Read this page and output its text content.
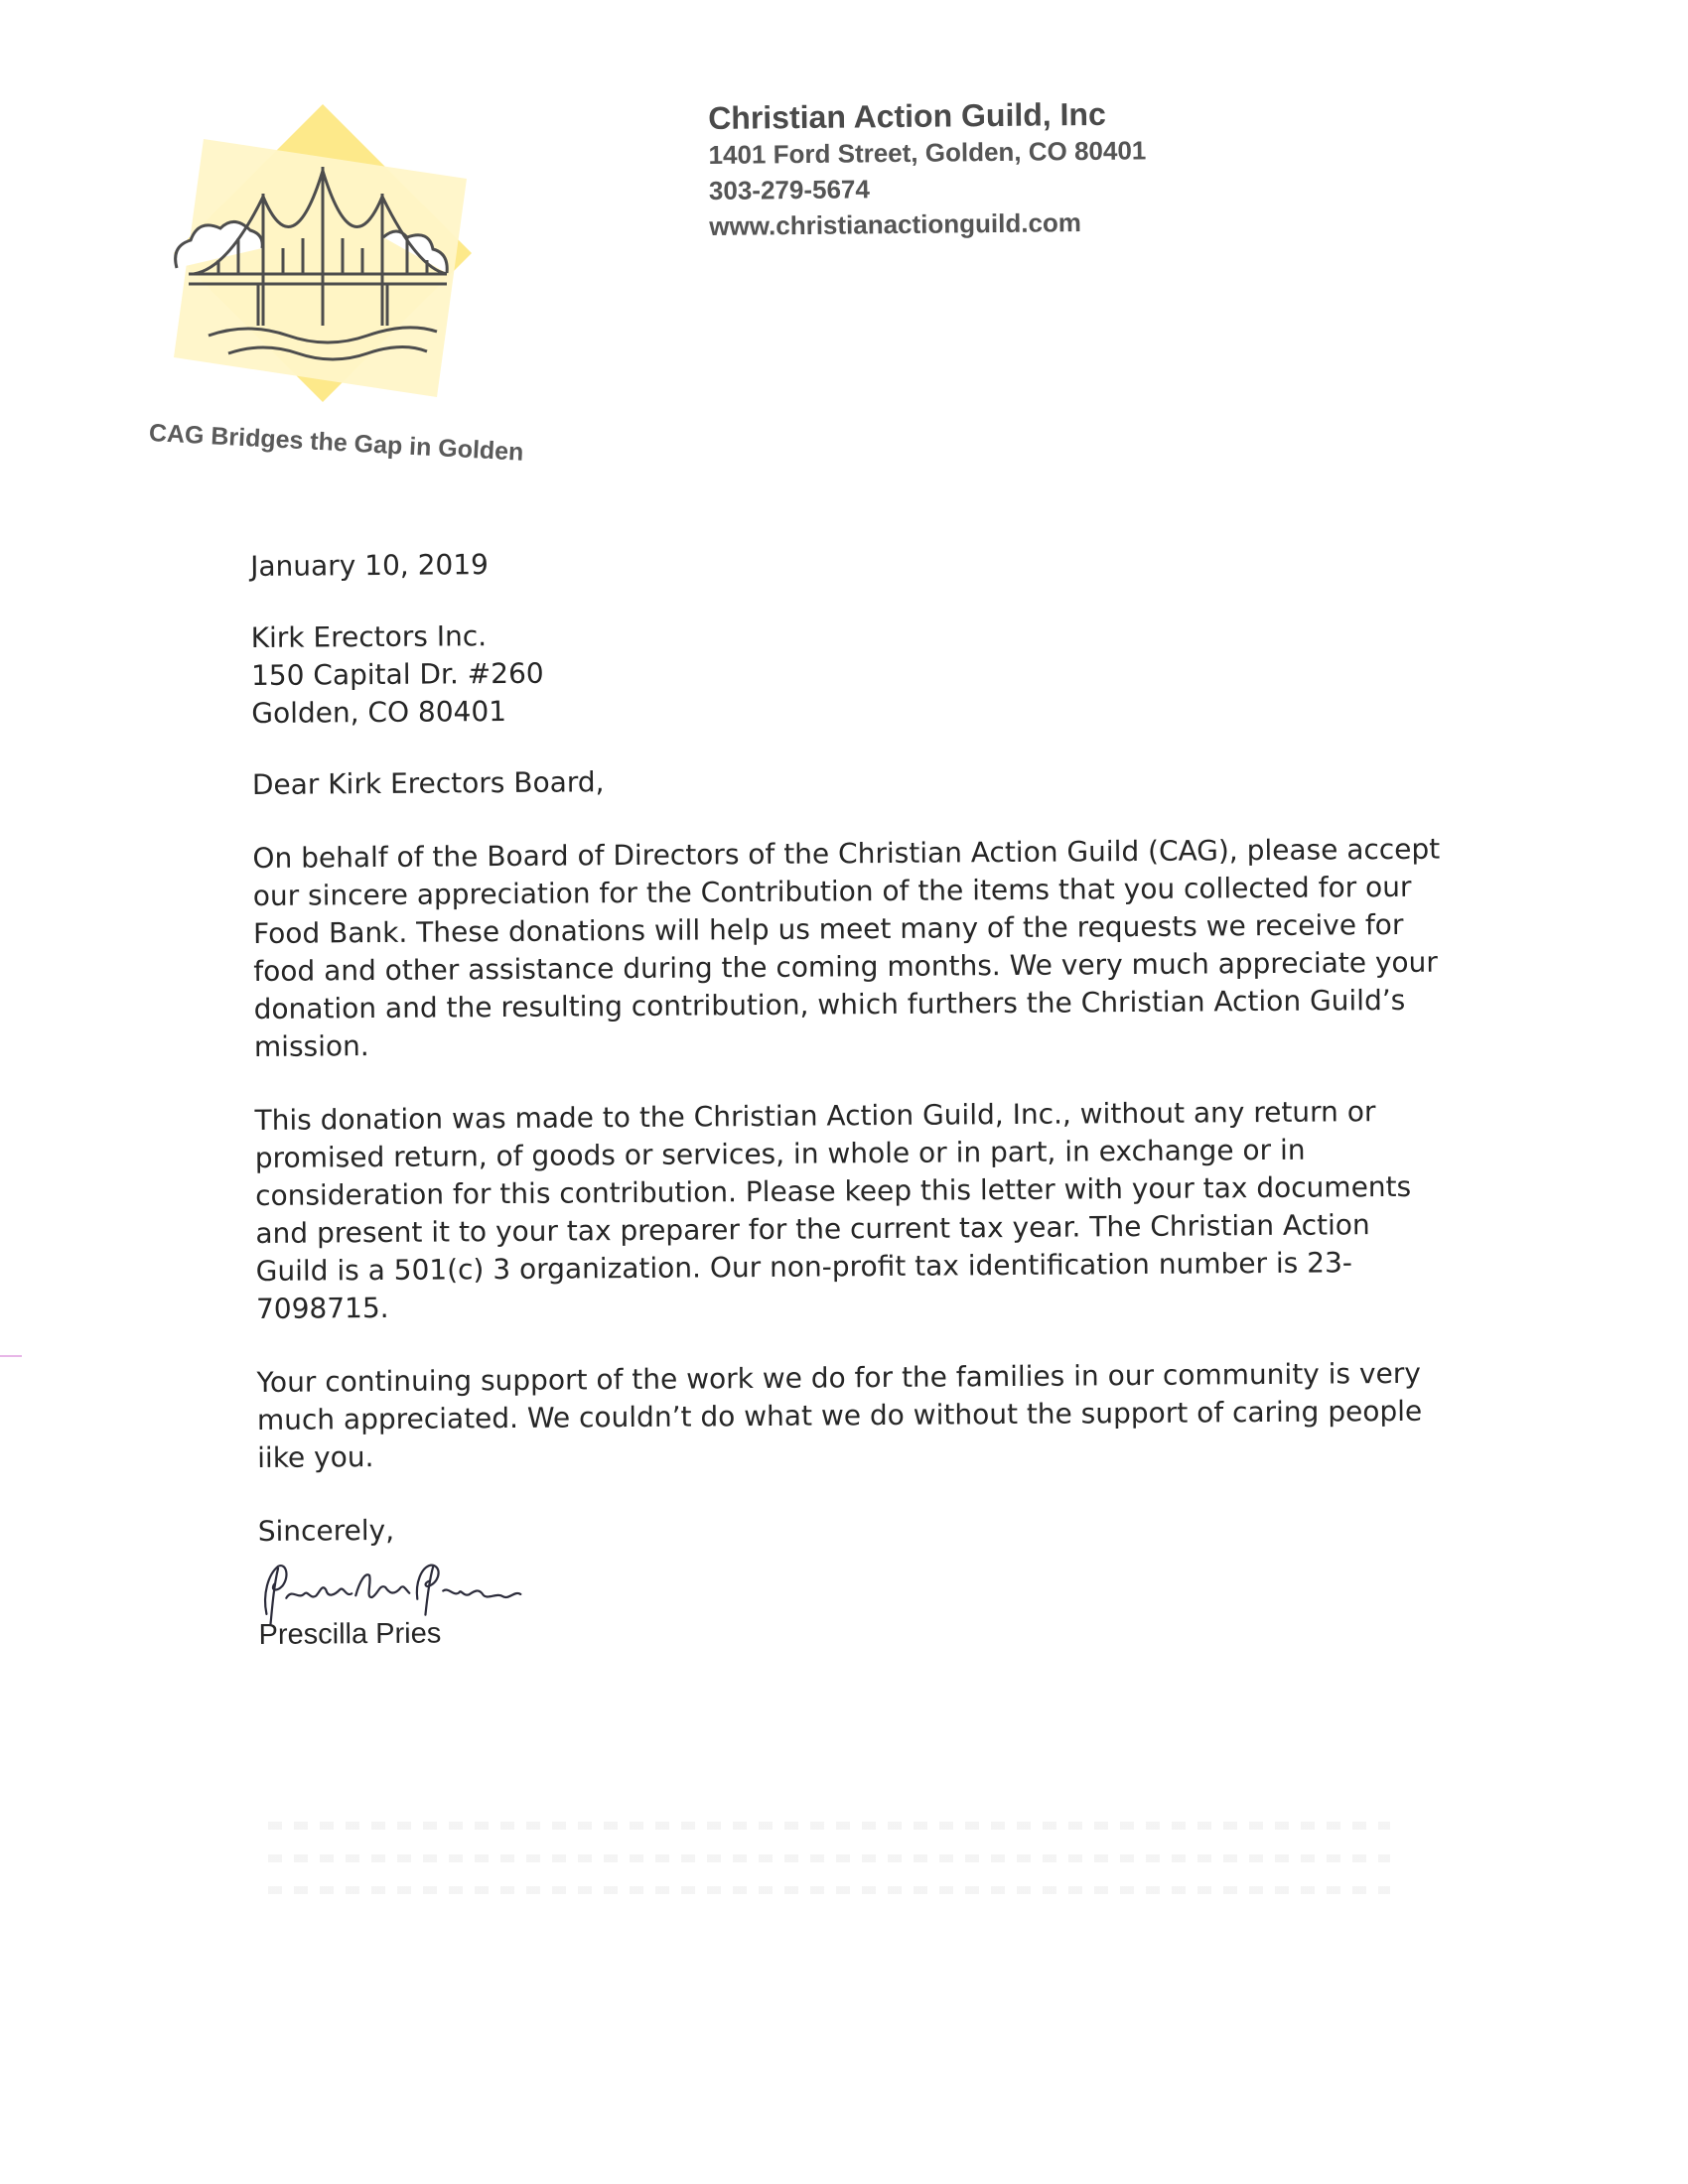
CAG Bridges the Gap in Golden
Christian Action Guild, Inc
1401 Ford Street, Golden, CO 80401
303-279-5674
www.christianactionguild.com

January 10, 2019

Kirk Erectors Inc.
150 Capital Dr. #260
Golden, CO 80401

Dear Kirk Erectors Board,

On behalf of the Board of Directors of the Christian Action Guild (CAG), please accept our sincere appreciation for the Contribution of the items that you collected for our Food Bank. These donations will help us meet many of the requests we receive for food and other assistance during the coming months. We very much appreciate your donation and the resulting contribution, which furthers the Christian Action Guild’s mission.

This donation was made to the Christian Action Guild, Inc., without any return or promised return, of goods or services, in whole or in part, in exchange or in consideration for this contribution. Please keep this letter with your tax documents and present it to your tax preparer for the current tax year. The Christian Action Guild is a 501(c) 3 organization. Our non-profit tax identification number is 23-7098715.

Your continuing support of the work we do for the families in our community is very much appreciated. We couldn’t do what we do without the support of caring people iike you.

Sincerely,

Prescilla Pries
